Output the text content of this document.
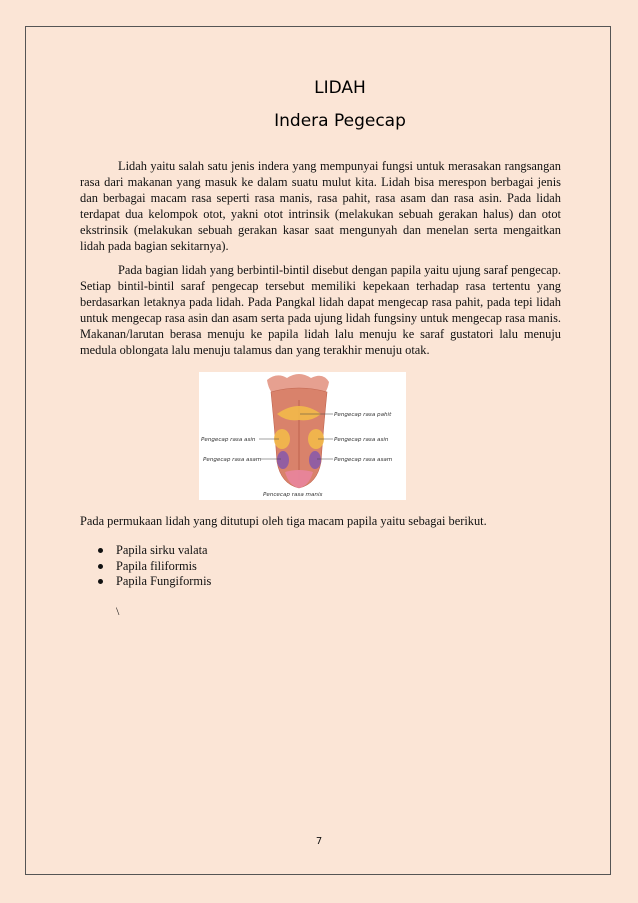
LIDAH
Indera Pegecap

Lidah yaitu salah satu jenis indera yang mempunyai fungsi untuk merasakan rangsangan rasa dari makanan yang masuk ke dalam suatu mulut kita. Lidah bisa merespon berbagai jenis dan berbagai macam rasa seperti rasa manis, rasa pahit, rasa asam dan rasa asin. Pada lidah terdapat dua kelompok otot, yakni otot intrinsik (melakukan sebuah gerakan halus) dan otot ekstrinsik (melakukan sebuah gerakan kasar saat mengunyah dan menelan serta mengaitkan lidah pada bagian sekitarnya).

Pada bagian lidah yang berbintil-bintil disebut dengan papila yaitu ujung saraf pengecap. Setiap bintil-bintil saraf pengecap tersebut memiliki kepekaan terhadap rasa tertentu yang berdasarkan letaknya pada lidah. Pada Pangkal lidah dapat mengecap rasa pahit, pada tepi lidah untuk mengecap rasa asin dan asam serta pada ujung lidah fungsiny untuk mengecap rasa manis. Makanan/larutan berasa menuju ke papila lidah lalu menuju ke saraf gustatori lalu menuju medula oblongata lalu menuju talamus dan yang terakhir menuju otak.

Pengecap rasa pahit
Pengecap rasa asin	Pengecap rasa asin
Pengecap rasa asam	Pengecap rasa asam
Pencecap rasa manis

Pada permukaan lidah yang ditutupi oleh tiga macam papila yaitu sebagai berikut.

Papila sirku valata
Papila filiformis
Papila Fungiformis
\
7
